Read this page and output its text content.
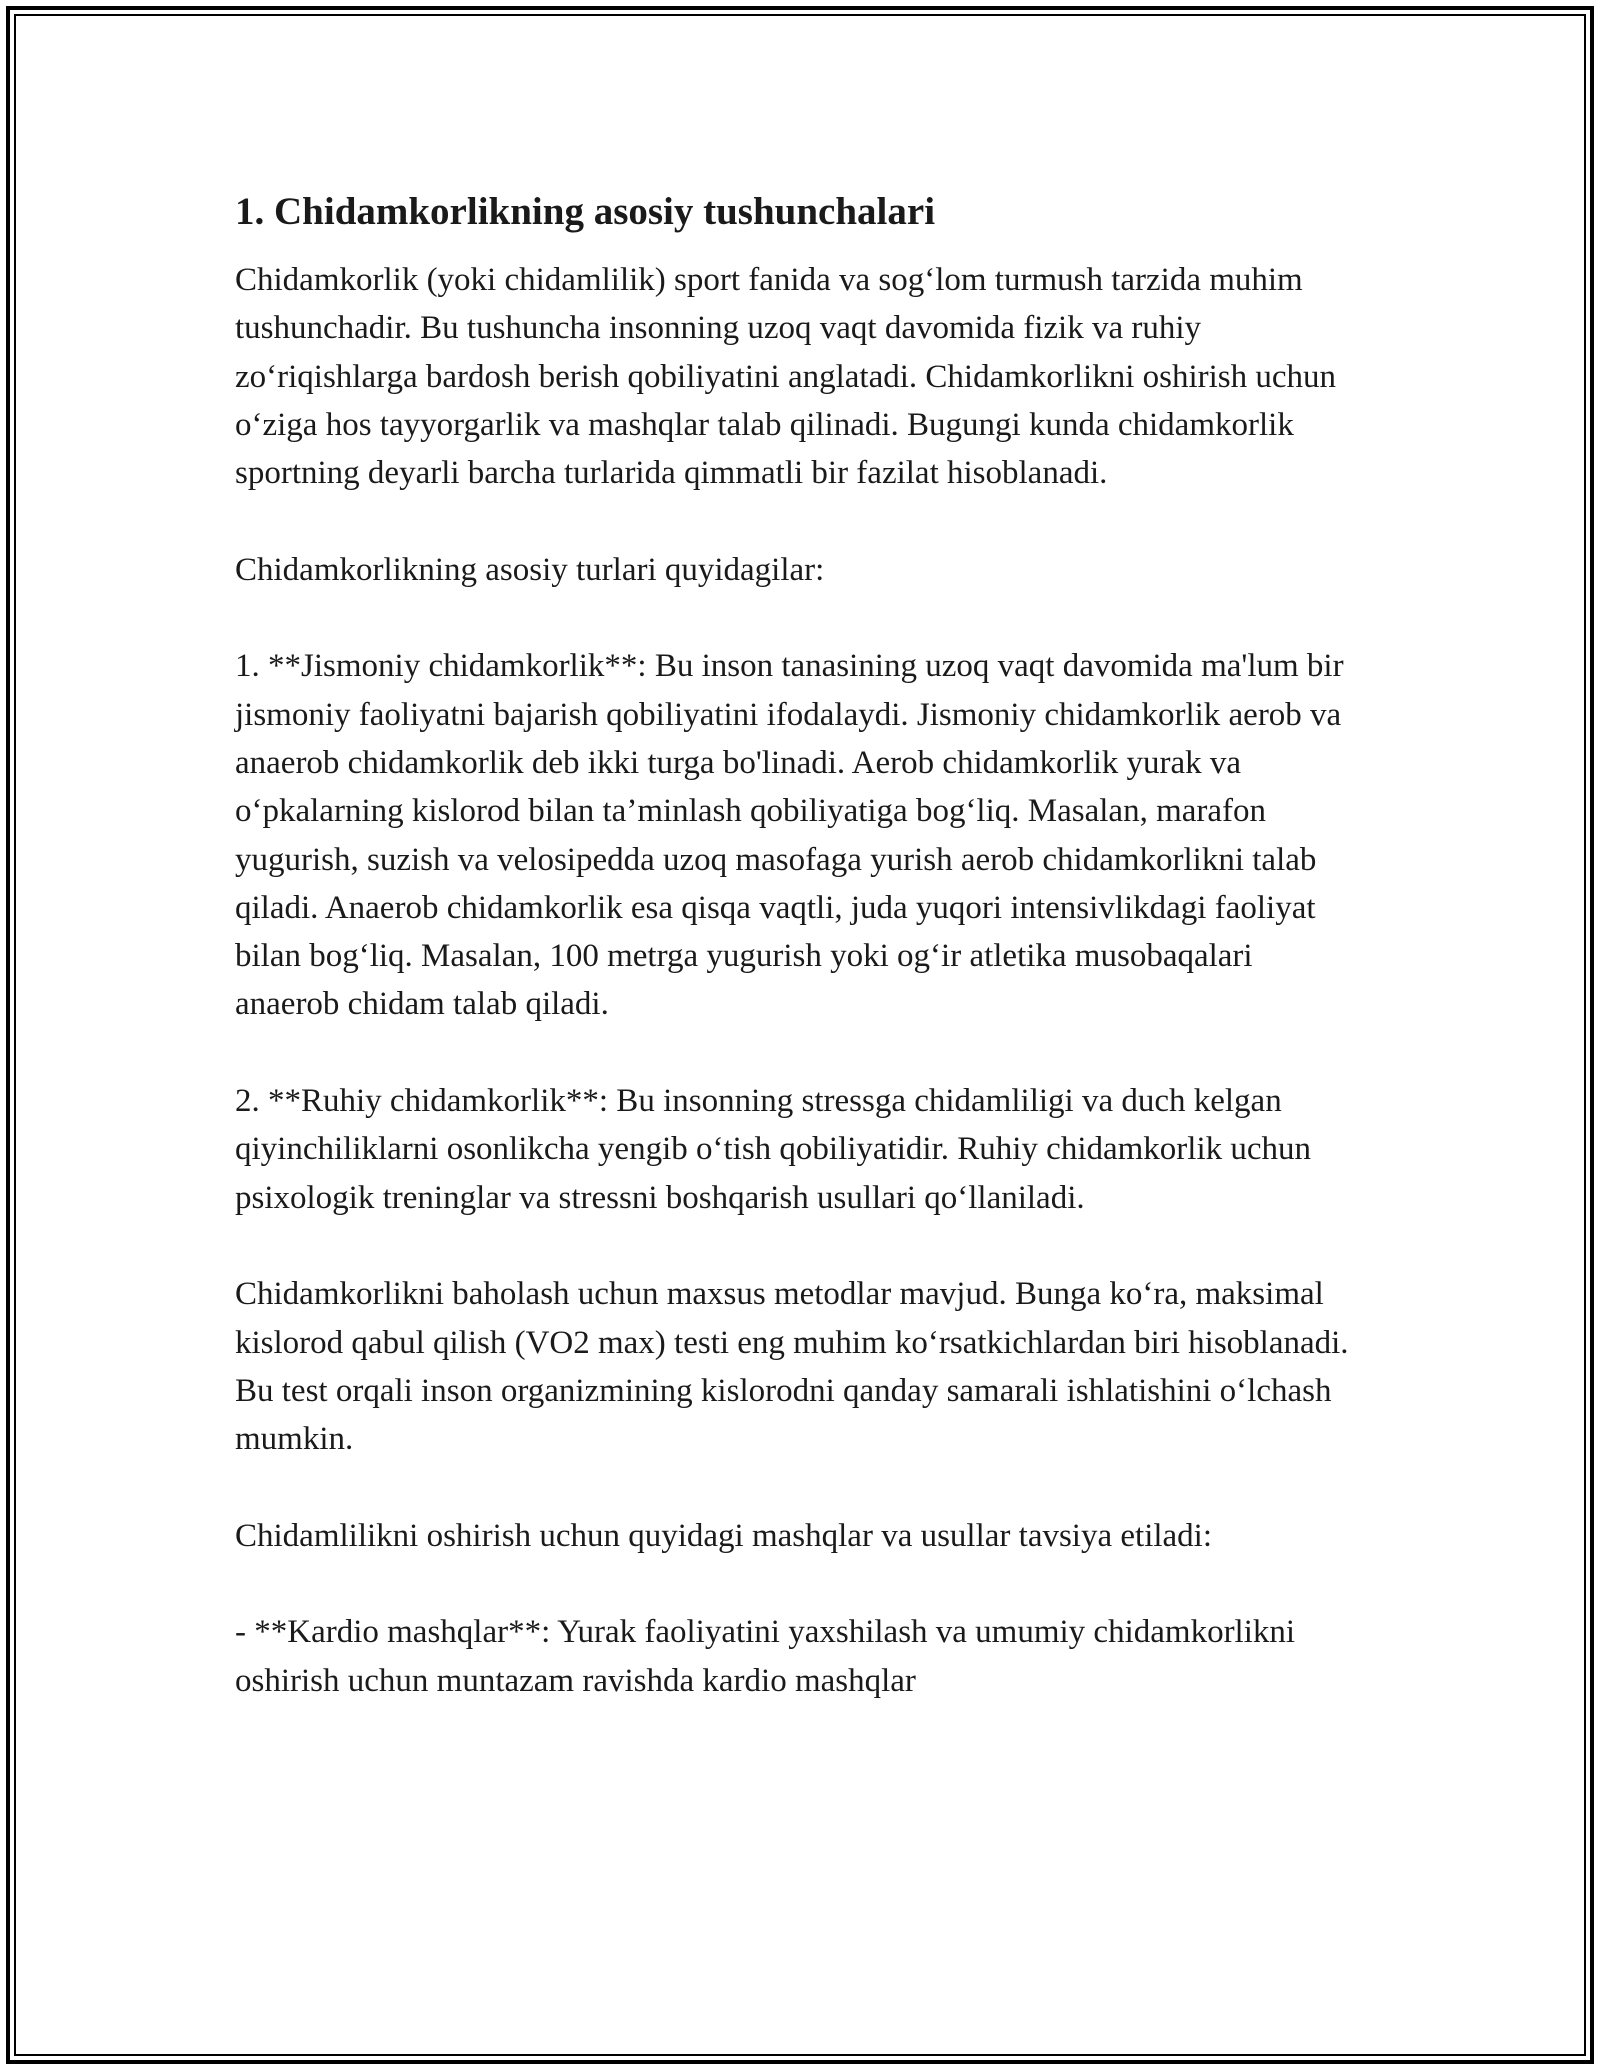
1. Chidamkorlikning asosiy tushunchalari

Chidamkorlik (yoki chidamlilik) sport fanida va sog‘lom turmush tarzida muhim tushunchadir. Bu tushuncha insonning uzoq vaqt davomida fizik va ruhiy zo‘riqishlarga bardosh berish qobiliyatini anglatadi. Chidamkorlikni oshirish uchun o‘ziga hos tayyorgarlik va mashqlar talab qilinadi. Bugungi kunda chidamkorlik sportning deyarli barcha turlarida qimmatli bir fazilat hisoblanadi.

Chidamkorlikning asosiy turlari quyidagilar:

1. **Jismoniy chidamkorlik**: Bu inson tanasining uzoq vaqt davomida ma'lum bir jismoniy faoliyatni bajarish qobiliyatini ifodalaydi. Jismoniy chidamkorlik aerob va anaerob chidamkorlik deb ikki turga bo'linadi. Aerob chidamkorlik yurak va o‘pkalarning kislorod bilan ta’minlash qobiliyatiga bog‘liq. Masalan, marafon yugurish, suzish va velosipedda uzoq masofaga yurish aerob chidamkorlikni talab qiladi. Anaerob chidamkorlik esa qisqa vaqtli, juda yuqori intensivlikdagi faoliyat bilan bog‘liq. Masalan, 100 metrga yugurish yoki og‘ir atletika musobaqalari anaerob chidam talab qiladi.

2. **Ruhiy chidamkorlik**: Bu insonning stressga chidamliligi va duch kelgan qiyinchiliklarni osonlikcha yengib o‘tish qobiliyatidir. Ruhiy chidamkorlik uchun psixologik treninglar va stressni boshqarish usullari qo‘llaniladi.

Chidamkorlikni baholash uchun maxsus metodlar mavjud. Bunga ko‘ra, maksimal kislorod qabul qilish (VO2 max) testi eng muhim ko‘rsatkichlardan biri hisoblanadi. Bu test orqali inson organizmining kislorodni qanday samarali ishlatishini o‘lchash mumkin.

Chidamlilikni oshirish uchun quyidagi mashqlar va usullar tavsiya etiladi:

- **Kardio mashqlar**: Yurak faoliyatini yaxshilash va umumiy chidamkorlikni oshirish uchun muntazam ravishda kardio mashqlar
